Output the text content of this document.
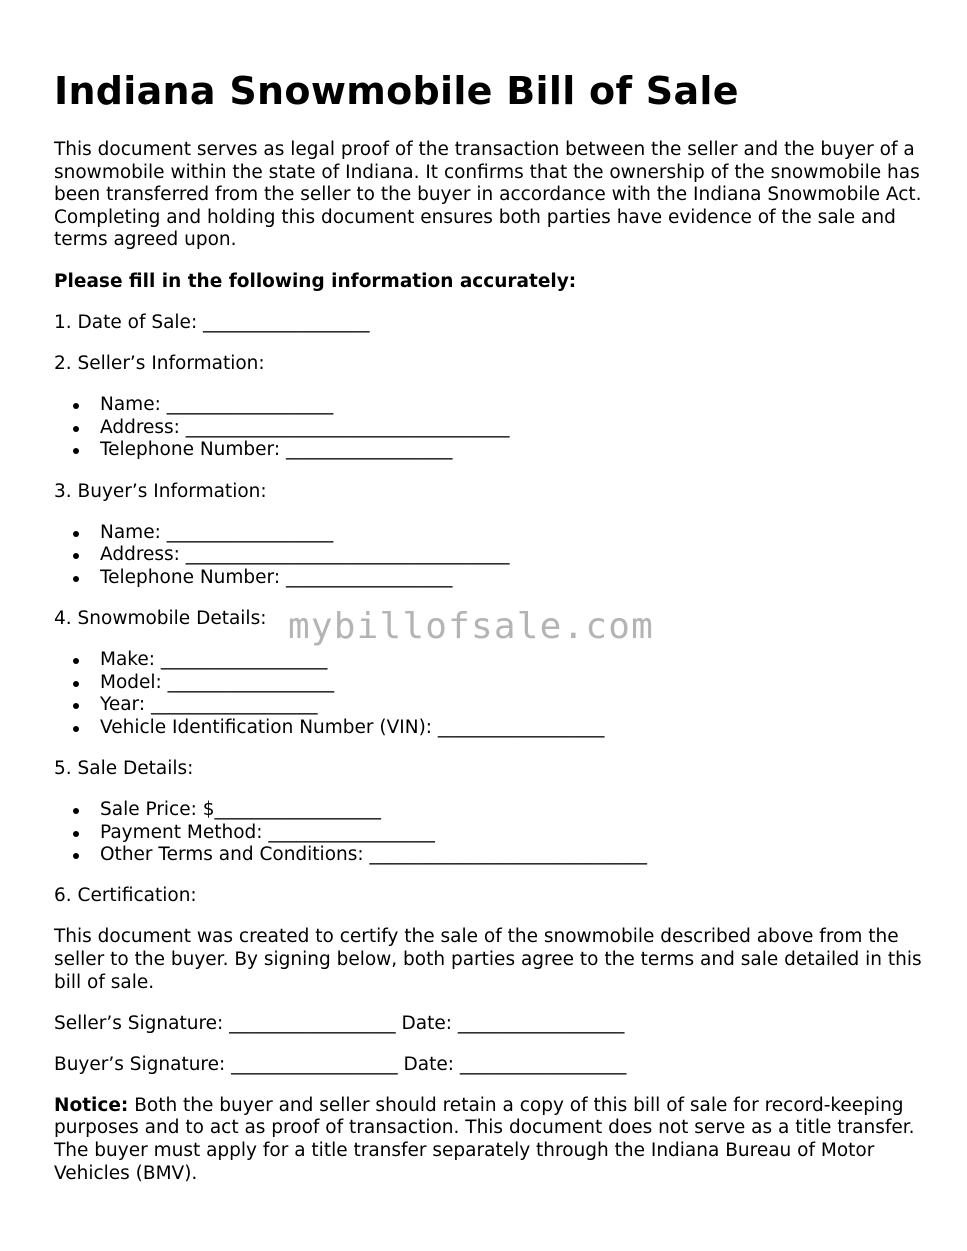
Indiana Snowmobile Bill of Sale

This document serves as legal proof of the transaction between the seller and the buyer of a snowmobile within the state of Indiana. It confirms that the ownership of the snowmobile has been transferred from the seller to the buyer in accordance with the Indiana Snowmobile Act. Completing and holding this document ensures both parties have evidence of the sale and terms agreed upon.

Please fill in the following information accurately:

1. Date of Sale: __________________

2. Seller’s Information:

Name: __________________
Address: ___________________________________
Telephone Number: __________________

3. Buyer’s Information:

Name: __________________
Address: ___________________________________
Telephone Number: __________________

4. Snowmobile Details:

Make: __________________
Model: __________________
Year: __________________
Vehicle Identification Number (VIN): __________________

5. Sale Details:

Sale Price: $__________________
Payment Method: __________________
Other Terms and Conditions: ______________________________

6. Certification:

This document was created to certify the sale of the snowmobile described above from the seller to the buyer. By signing below, both parties agree to the terms and sale detailed in this bill of sale.

Seller’s Signature: __________________ Date: __________________

Buyer’s Signature: __________________ Date: __________________

Notice: Both the buyer and seller should retain a copy of this bill of sale for record-keeping purposes and to act as proof of transaction. This document does not serve as a title transfer. The buyer must apply for a title transfer separately through the Indiana Bureau of Motor Vehicles (BMV).

mybillofsale.com
